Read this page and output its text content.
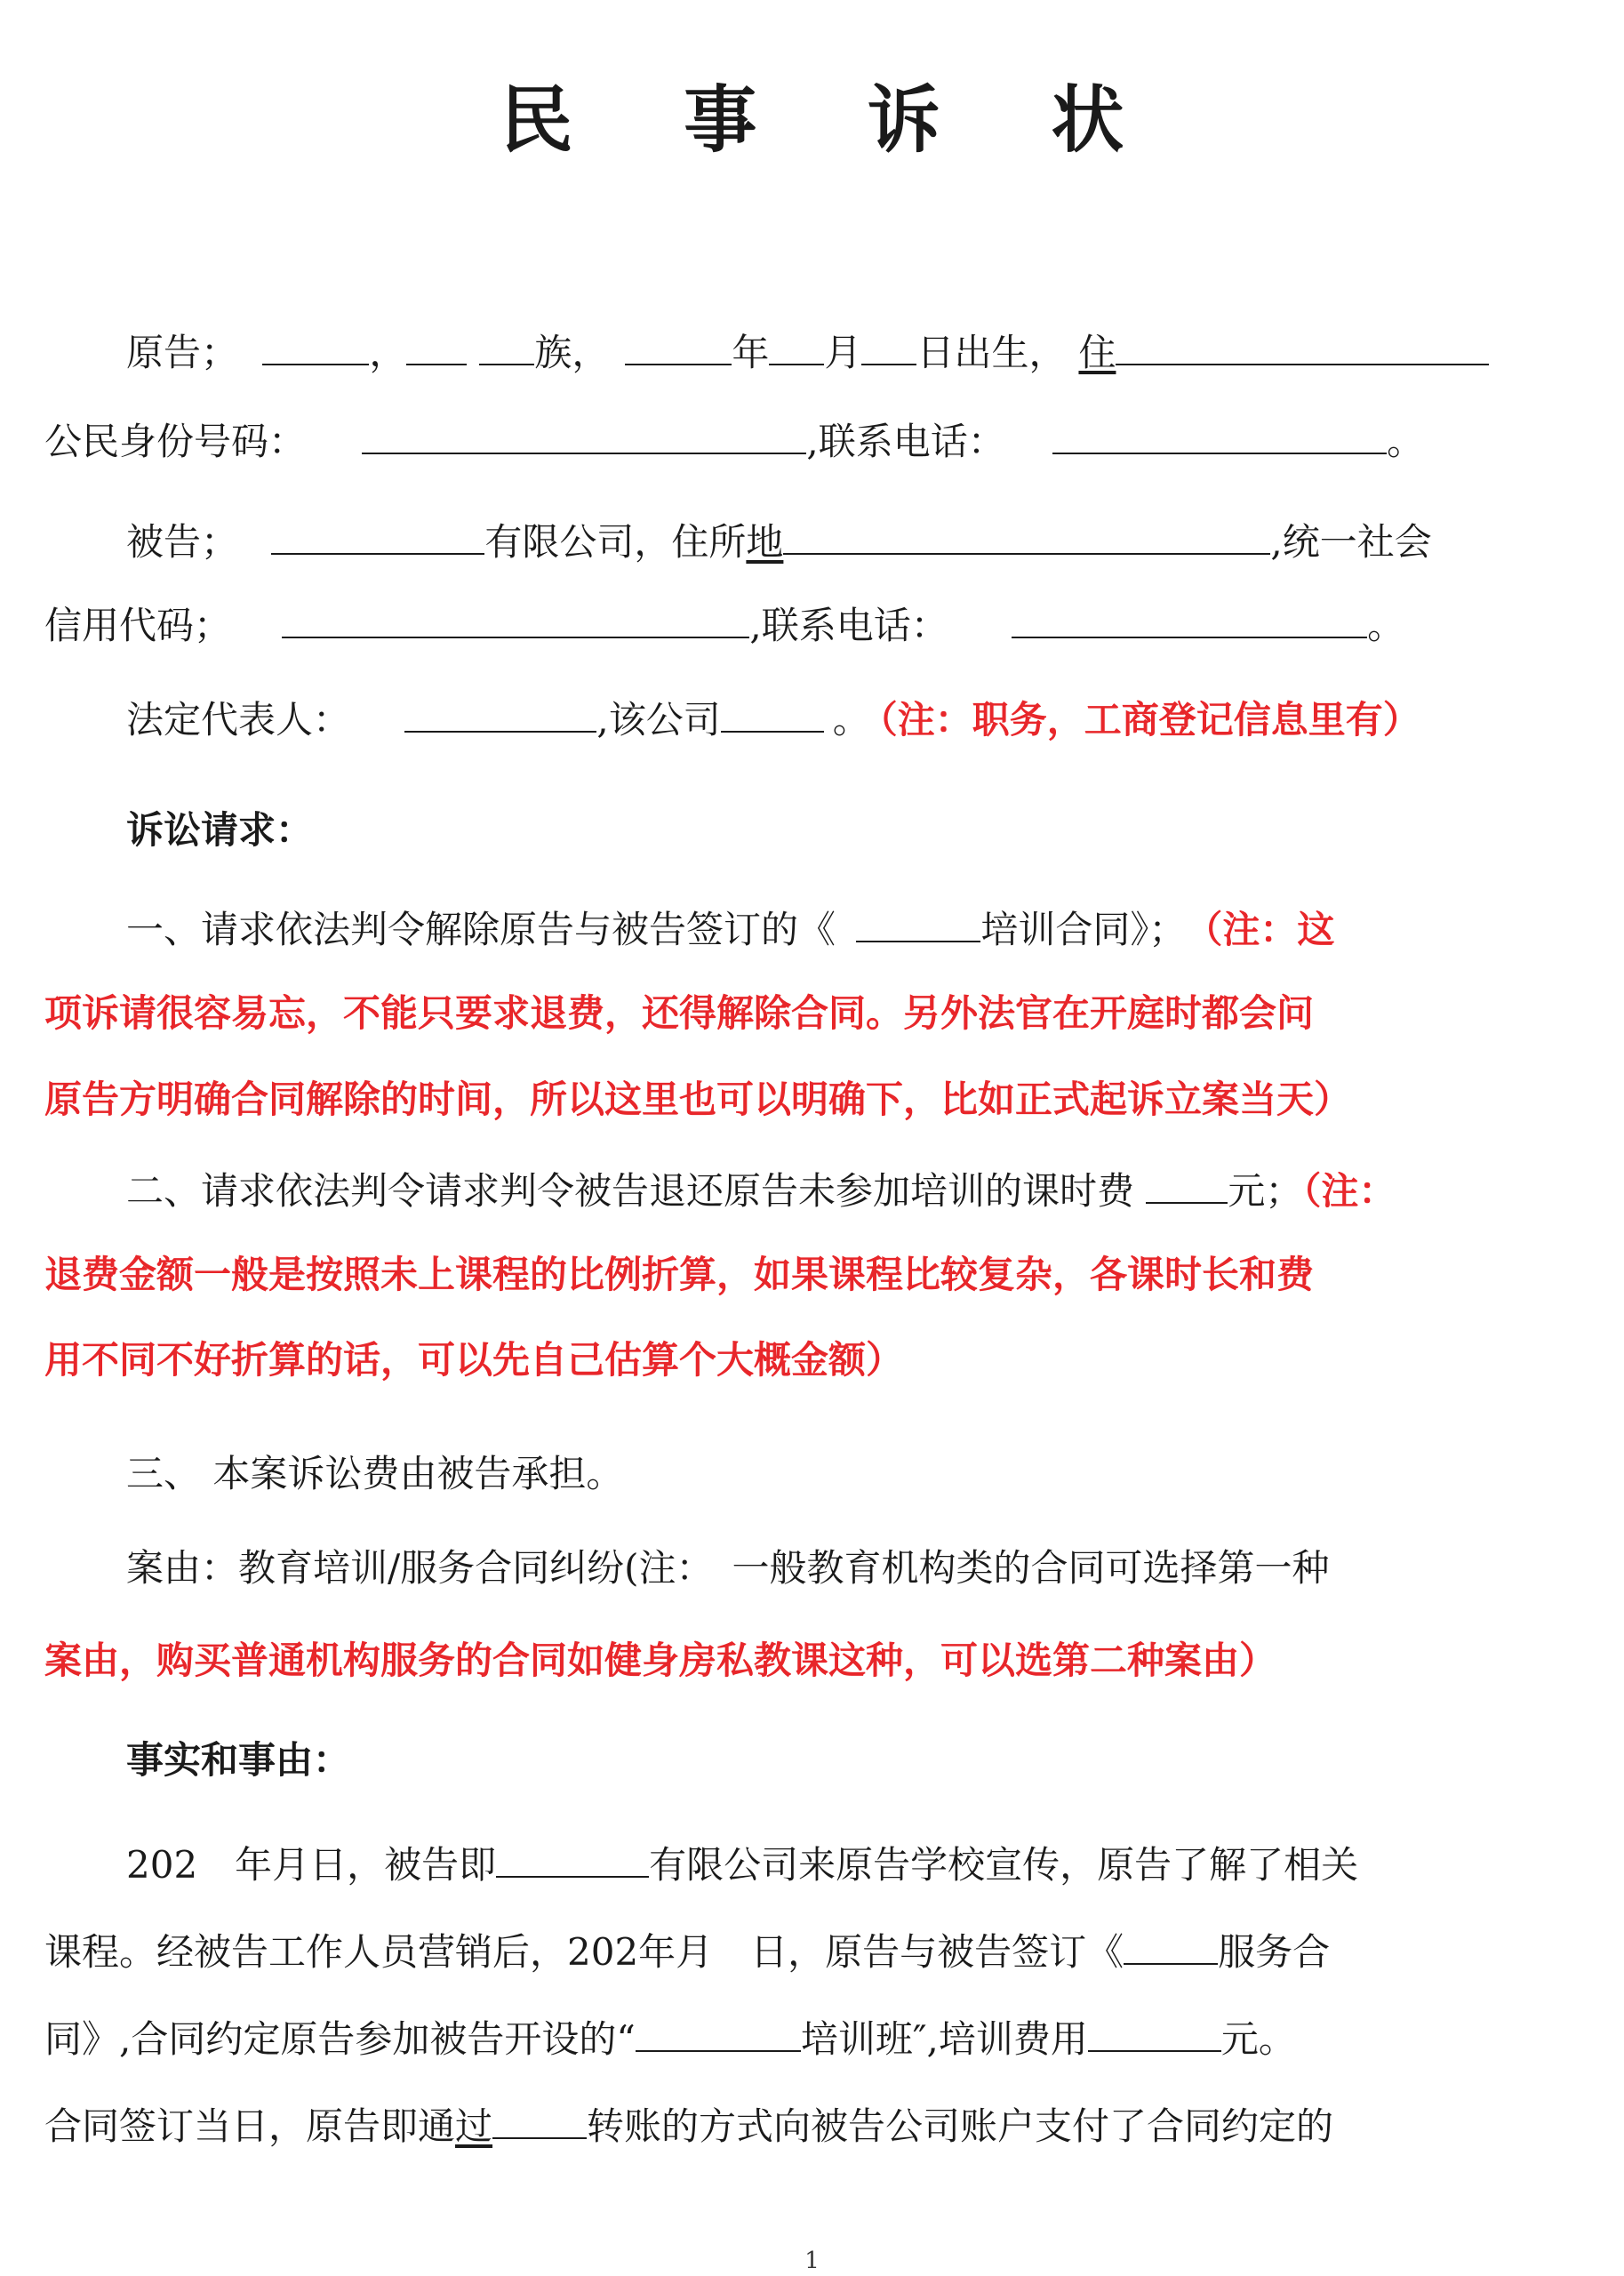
民 事 诉 状
原告；	，	族，	年 月 日出生， 住
公民身份号码：	,联系电话：	。
被告；	有限公司，住所地	,统一社会
信用代码；	,联系电话：	。
法定代表人：	,该公司	。 （注：职务，工商登记信息里有）
诉讼请求：
一、请求依法判令解除原告与被告签订的《	培训合同》； （注：这
项诉请很容易忘，不能只要求退费，还得解除合同。另外法官在开庭时都会问
原告方明确合同解除的时间，所以这里也可以明确下，比如正式起诉立案当天）
二、请求依法判令请求判令被告退还原告未参加培训的课时费	元；（注：
退费金额一般是按照未上课程的比例折算，如果课程比较复杂，各课时长和费
用不同不好折算的话，可以先自己估算个大概金额）
三、 本案诉讼费由被告承担。
案由：教育培训/服务合同纠纷(注：　一般教育机构类的合同可选择第一种
案由，购买普通机构服务的合同如健身房私教课这种，可以选第二种案由）
事实和事由：
202　年月日，被告即	有限公司来原告学校宣传，原告了解了相关
课程。经被告工作人员营销后，202年月　日，原告与被告签订《	服务合
同》,合同约定原告参加被告开设的“	培训班″,培训费用	元。
合同签订当日，原告即通过	转账的方式向被告公司账户支付了合同约定的
1
